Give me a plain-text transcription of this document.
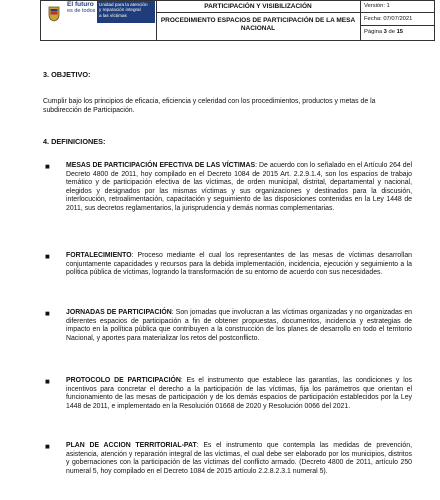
El futuro
es de todos
Unidad para la atención
y reparación integral
a las víctimas
PARTICIPACIÓN Y VISIBILIZACIÓN
PROCEDIMIENTO ESPACIOS DE PARTICIPACIÓN DE LA MESA NACIONAL
Versión: 1
Fecha: 07/07/2021
Página 3 de 15
3. OBJETIVO:
Cumplir bajo los principios de eficacia, eficiencia y celeridad con los procedimientos, productos y metas de la subdirección de Participación.
4. DEFINICIONES:
■ MESAS DE PARTICIPACIÓN EFECTIVA DE LAS VÍCTIMAS: De acuerdo con lo señalado en el Artículo 264 del Decreto 4800 de 2011, hoy compilado en el Decreto 1084 de 2015 Art. 2.2.9.1.4, son los espacios de trabajo temático y de participación efectiva de las víctimas, de orden municipal, distrital, departamental y nacional, elegidos y designados por las mismas víctimas y sus organizaciones y destinados para la discusión, interlocución, retroalimentación, capacitación y seguimiento de las disposiciones contenidas en la Ley 1448 de 2011, sus decretos reglamentarios, la jurisprudencia y demás normas complementarias.
■ FORTALECIMIENTO: Proceso mediante el cual los representantes de las mesas de víctimas desarrollan conjuntamente capacidades y recursos para la debida implementación, incidencia, ejecución y seguimiento a la política pública de víctimas, logrando la transformación de su entorno de acuerdo con sus necesidades.
■ JORNADAS DE PARTICIPACIÓN: Son jornadas que involucran a las víctimas organizadas y no organizadas en diferentes espacios de participación a fin de obtener propuestas, documentos, incidencia y estrategias de impacto en la política pública que contribuyen a la construcción de los planes de desarrollo en todo el territorio Nacional, y aportes para materializar los retos del postconflicto.
■ PROTOCOLO DE PARTICIPACIÓN: Es el instrumento que establece las garantías, las condiciones y los incentivos para concretar el derecho a la participación de las víctimas, fija los parámetros que orientan el funcionamiento de las mesas de participación y de los demás espacios de participación establecidos por la Ley 1448 de 2011, e implementado en la Resolución 01668 de 2020 y Resolución 0066 del 2021.
■ PLAN DE ACCION TERRITORIAL-PAT: Es el instrumento que contempla las medidas de prevención, asistencia, atención y reparación integral de las víctimas, el cual debe ser elaborado por los municipios, distritos y gobernaciones con la participación de las víctimas del conflicto armado. (Decreto 4800 de 2011, artículo 250 numeral 5, hoy compilado en el Decreto 1084 de 2015 artículo 2.2.8.2.3.1 numeral 5).
